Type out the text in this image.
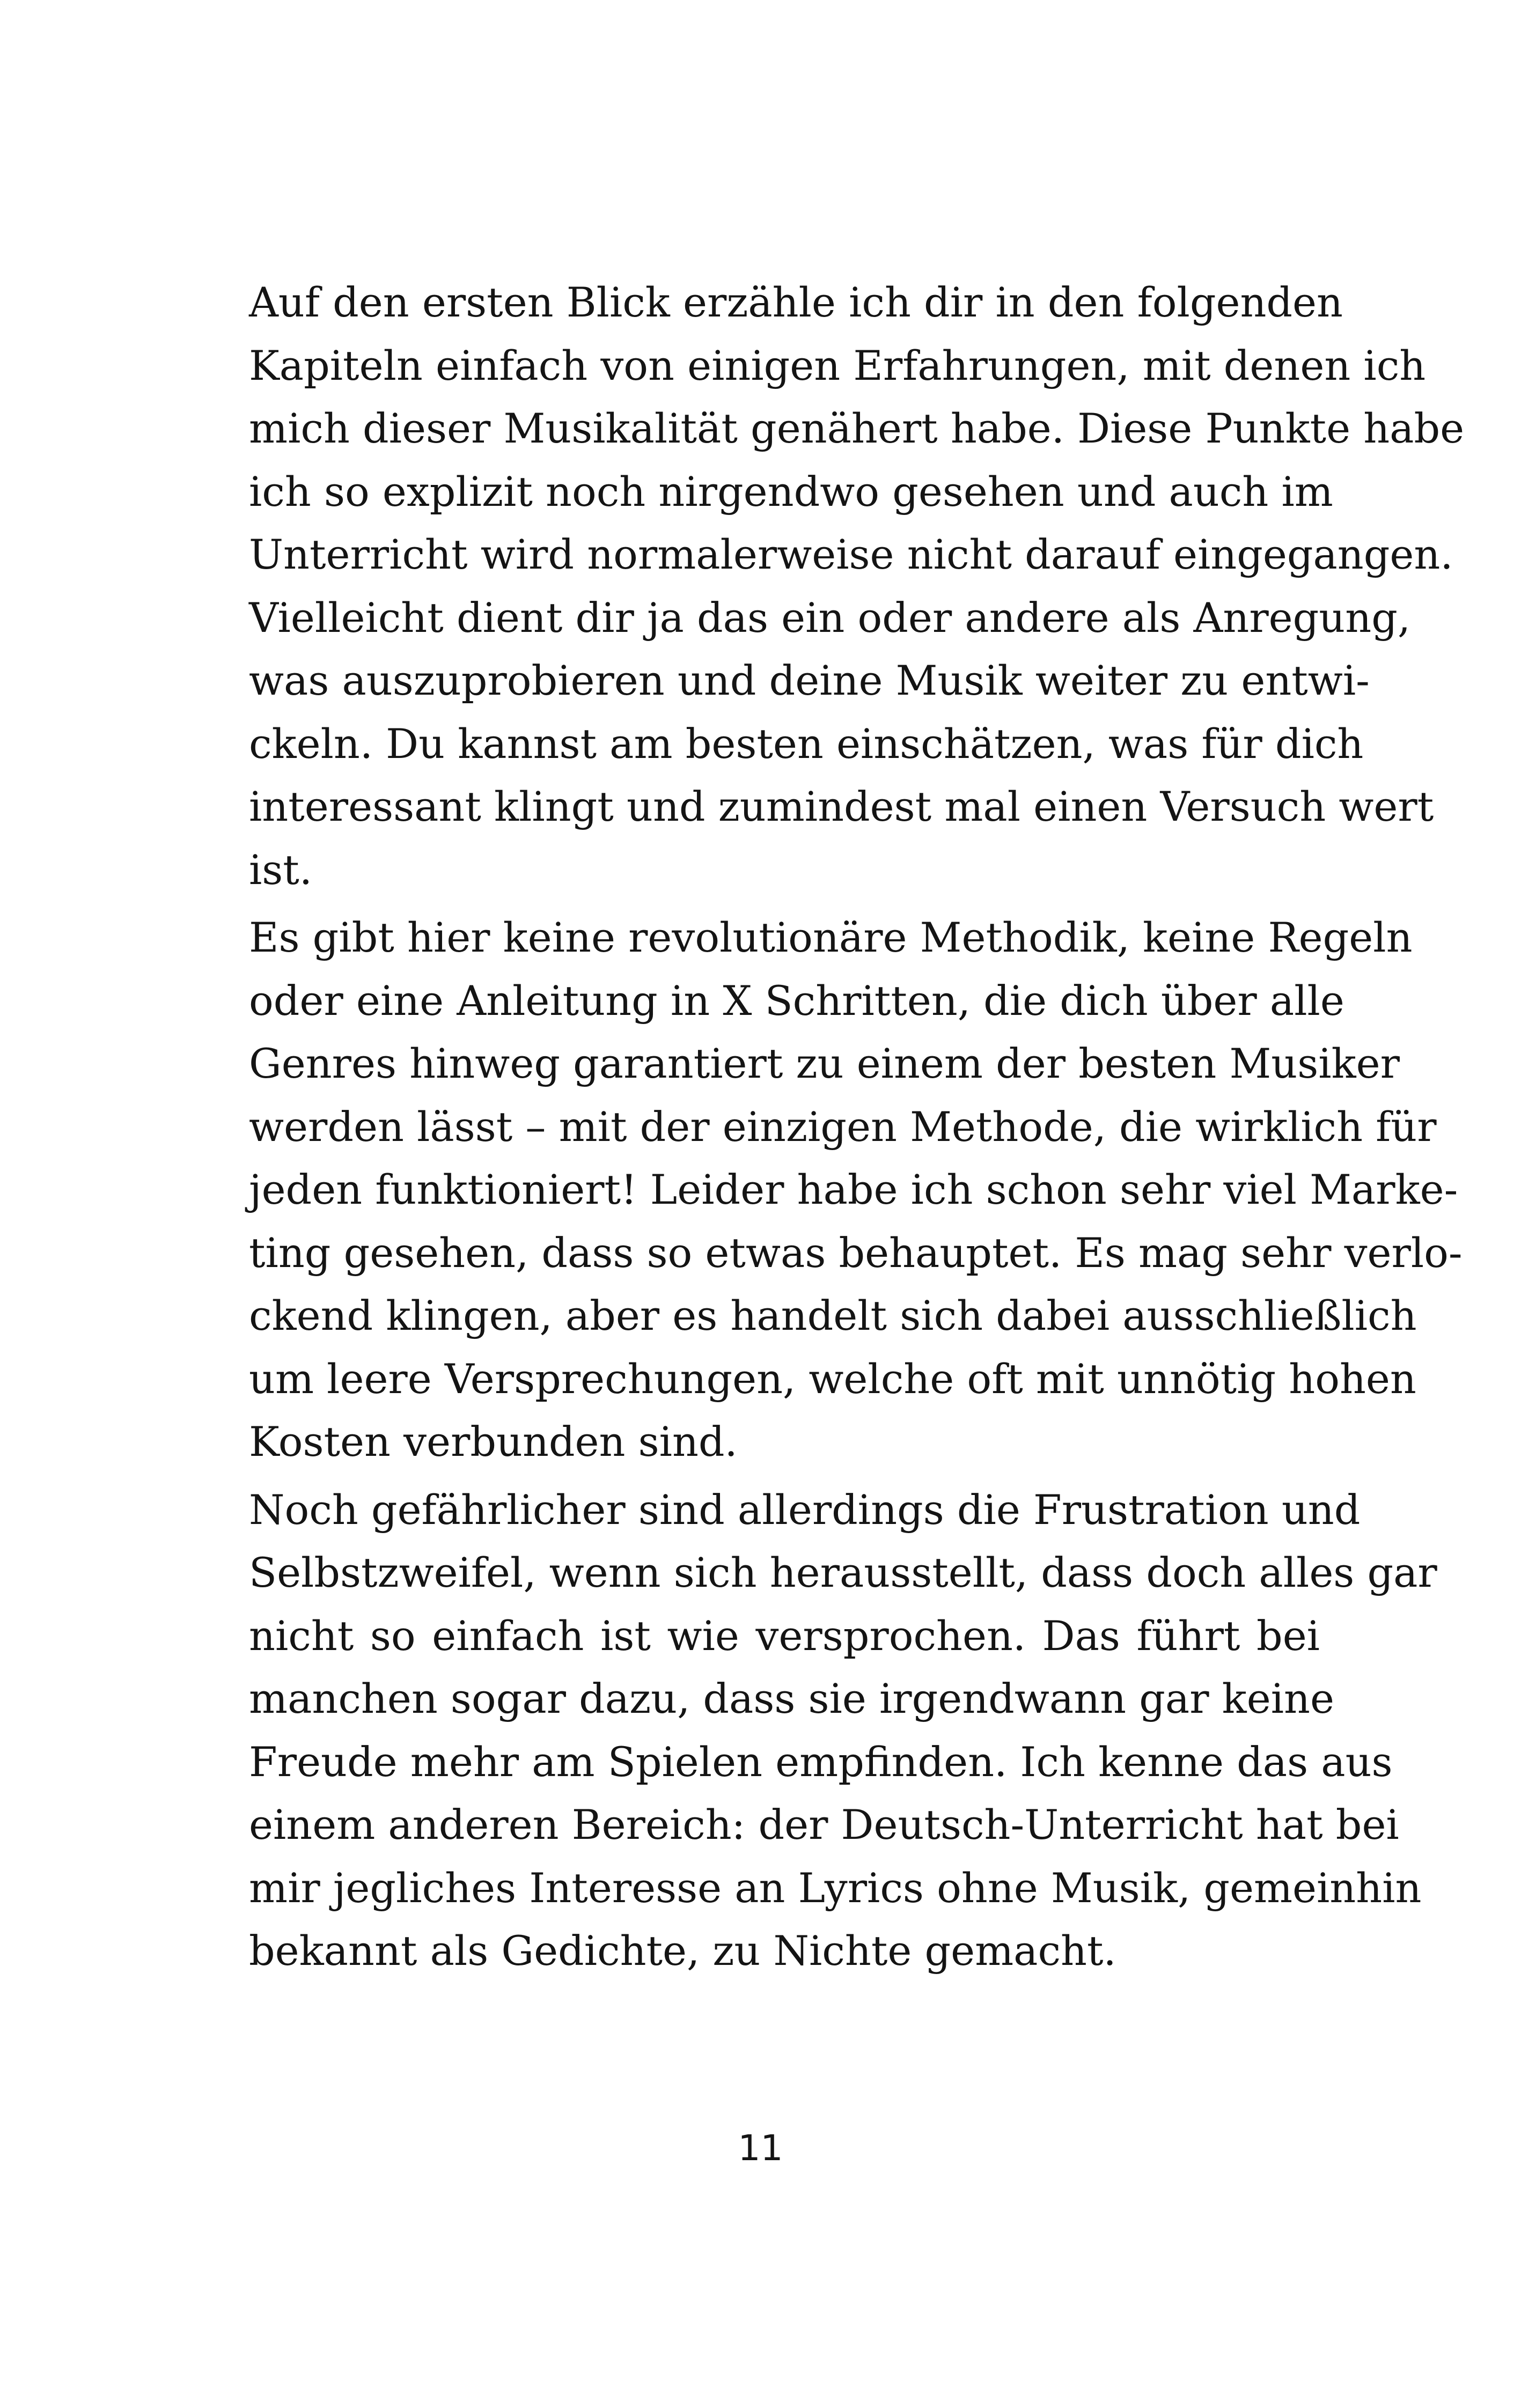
Auf den ersten Blick erzähle ich dir in den folgenden
Kapiteln einfach von einigen Erfahrungen, mit denen ich
mich dieser Musikalität genähert habe. Diese Punkte habe
ich so explizit noch nirgendwo gesehen und auch im
Unterricht wird normalerweise nicht darauf eingegangen.
Vielleicht dient dir ja das ein oder andere als Anregung,
was auszuprobieren und deine Musik weiter zu entwi-
ckeln. Du kannst am besten einschätzen, was für dich
interessant klingt und zumindest mal einen Versuch wert
ist.

Es gibt hier keine revolutionäre Methodik, keine Regeln
oder eine Anleitung in X Schritten, die dich über alle
Genres hinweg garantiert zu einem der besten Musiker
werden lässt – mit der einzigen Methode, die wirklich für
jeden funktioniert! Leider habe ich schon sehr viel Marke-
ting gesehen, dass so etwas behauptet. Es mag sehr verlo-
ckend klingen, aber es handelt sich dabei ausschließlich
um leere Versprechungen, welche oft mit unnötig hohen
Kosten verbunden sind.

Noch gefährlicher sind allerdings die Frustration und
Selbstzweifel, wenn sich herausstellt, dass doch alles gar
nicht so einfach ist wie versprochen. Das führt bei
manchen sogar dazu, dass sie irgendwann gar keine
Freude mehr am Spielen empfinden. Ich kenne das aus
einem anderen Bereich: der Deutsch-Unterricht hat bei
mir jegliches Interesse an Lyrics ohne Musik, gemeinhin
bekannt als Gedichte, zu Nichte gemacht.

11
